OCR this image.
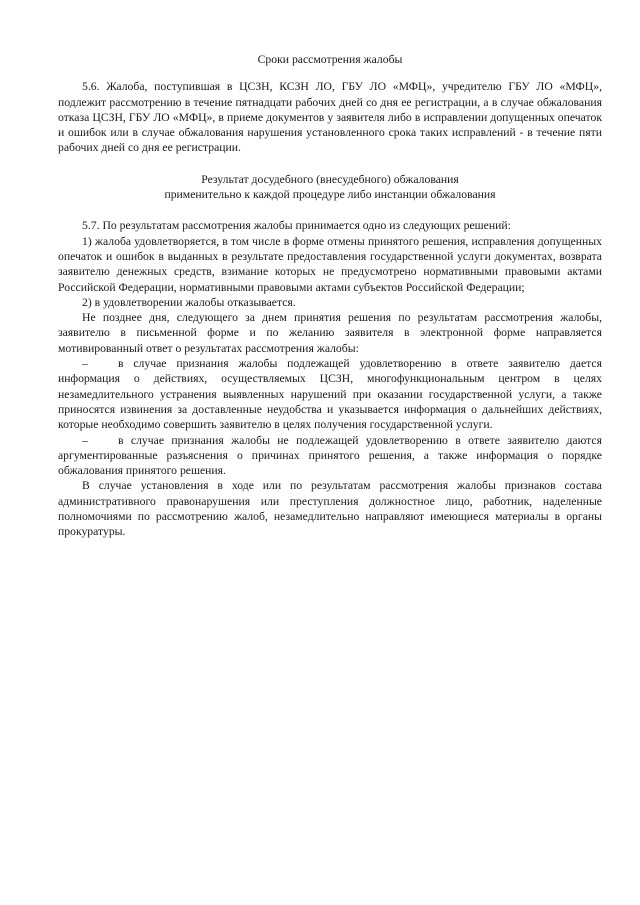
Сроки рассмотрения жалобы

5.6. Жалоба, поступившая в ЦСЗН, КСЗН ЛО, ГБУ ЛО «МФЦ», учредителю ГБУ ЛО «МФЦ», подлежит рассмотрению в течение пятнадцати рабочих дней со дня ее регистрации, а в случае обжалования отказа ЦСЗН, ГБУ ЛО «МФЦ», в приеме документов у заявителя либо в исправлении допущенных опечаток и ошибок или в случае обжалования нарушения установленного срока таких исправлений - в течение пяти рабочих дней со дня ее регистрации.

Результат досудебного (внесудебного) обжалования
применительно к каждой процедуре либо инстанции обжалования

5.7. По результатам рассмотрения жалобы принимается одно из следующих решений:

1) жалоба удовлетворяется, в том числе в форме отмены принятого решения, исправления допущенных опечаток и ошибок в выданных в результате предоставления государственной услуги документах, возврата заявителю денежных средств, взимание которых не предусмотрено нормативными правовыми актами Российской Федерации, нормативными правовыми актами субъектов Российской Федерации;

2) в удовлетворении жалобы отказывается.

Не позднее дня, следующего за днем принятия решения по результатам рассмотрения жалобы, заявителю в письменной форме и по желанию заявителя в электронной форме направляется мотивированный ответ о результатах рассмотрения жалобы:

–	в случае признания жалобы подлежащей удовлетворению в ответе заявителю дается информация о действиях, осуществляемых ЦСЗН, многофункциональным центром в целях незамедлительного устранения выявленных нарушений при оказании государственной услуги, а также приносятся извинения за доставленные неудобства и указывается информация о дальнейших действиях, которые необходимо совершить заявителю в целях получения государственной услуги.

–	в случае признания жалобы не подлежащей удовлетворению в ответе заявителю даются аргументированные разъяснения о причинах принятого решения, а также информация о порядке обжалования принятого решения.

В случае установления в ходе или по результатам рассмотрения жалобы признаков состава административного правонарушения или преступления должностное лицо, работник, наделенные полномочиями по рассмотрению жалоб, незамедлительно направляют имеющиеся материалы в органы прокуратуры.
